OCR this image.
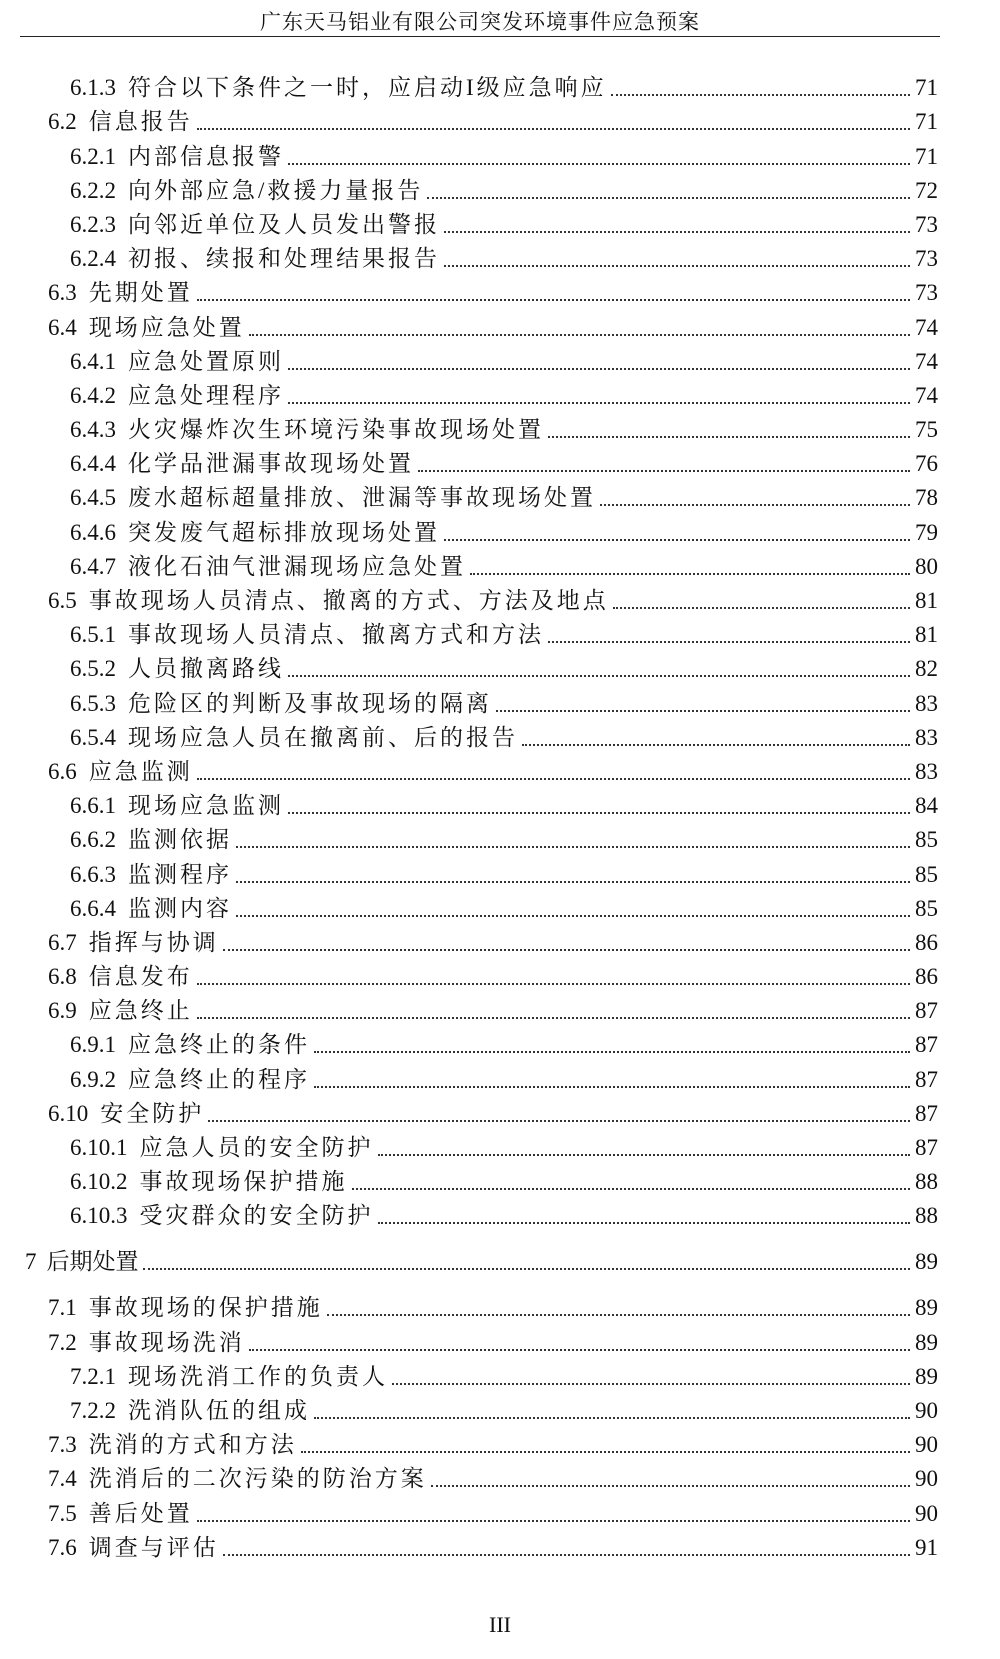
广东天马铝业有限公司突发环境事件应急预案
6.1.3 符合以下条件之一时，应启动I级应急响应	71
6.2 信息报告	71
6.2.1 内部信息报警	71
6.2.2 向外部应急/救援力量报告	72
6.2.3 向邻近单位及人员发出警报	73
6.2.4 初报、续报和处理结果报告	73
6.3 先期处置	73
6.4 现场应急处置	74
6.4.1 应急处置原则	74
6.4.2 应急处理程序	74
6.4.3 火灾爆炸次生环境污染事故现场处置	75
6.4.4 化学品泄漏事故现场处置	76
6.4.5 废水超标超量排放、泄漏等事故现场处置	78
6.4.6 突发废气超标排放现场处置	79
6.4.7 液化石油气泄漏现场应急处置	80
6.5 事故现场人员清点、撤离的方式、方法及地点	81
6.5.1 事故现场人员清点、撤离方式和方法	81
6.5.2 人员撤离路线	82
6.5.3 危险区的判断及事故现场的隔离	83
6.5.4 现场应急人员在撤离前、后的报告	83
6.6 应急监测	83
6.6.1 现场应急监测	84
6.6.2 监测依据	85
6.6.3 监测程序	85
6.6.4 监测内容	85
6.7 指挥与协调	86
6.8 信息发布	86
6.9 应急终止	87
6.9.1 应急终止的条件	87
6.9.2 应急终止的程序	87
6.10 安全防护	87
6.10.1 应急人员的安全防护	87
6.10.2 事故现场保护措施	88
6.10.3 受灾群众的安全防护	88
7 后期处置	89
7.1 事故现场的保护措施	89
7.2 事故现场洗消	89
7.2.1 现场洗消工作的负责人	89
7.2.2 洗消队伍的组成	90
7.3 洗消的方式和方法	90
7.4 洗消后的二次污染的防治方案	90
7.5 善后处置	90
7.6 调查与评估	91
III
